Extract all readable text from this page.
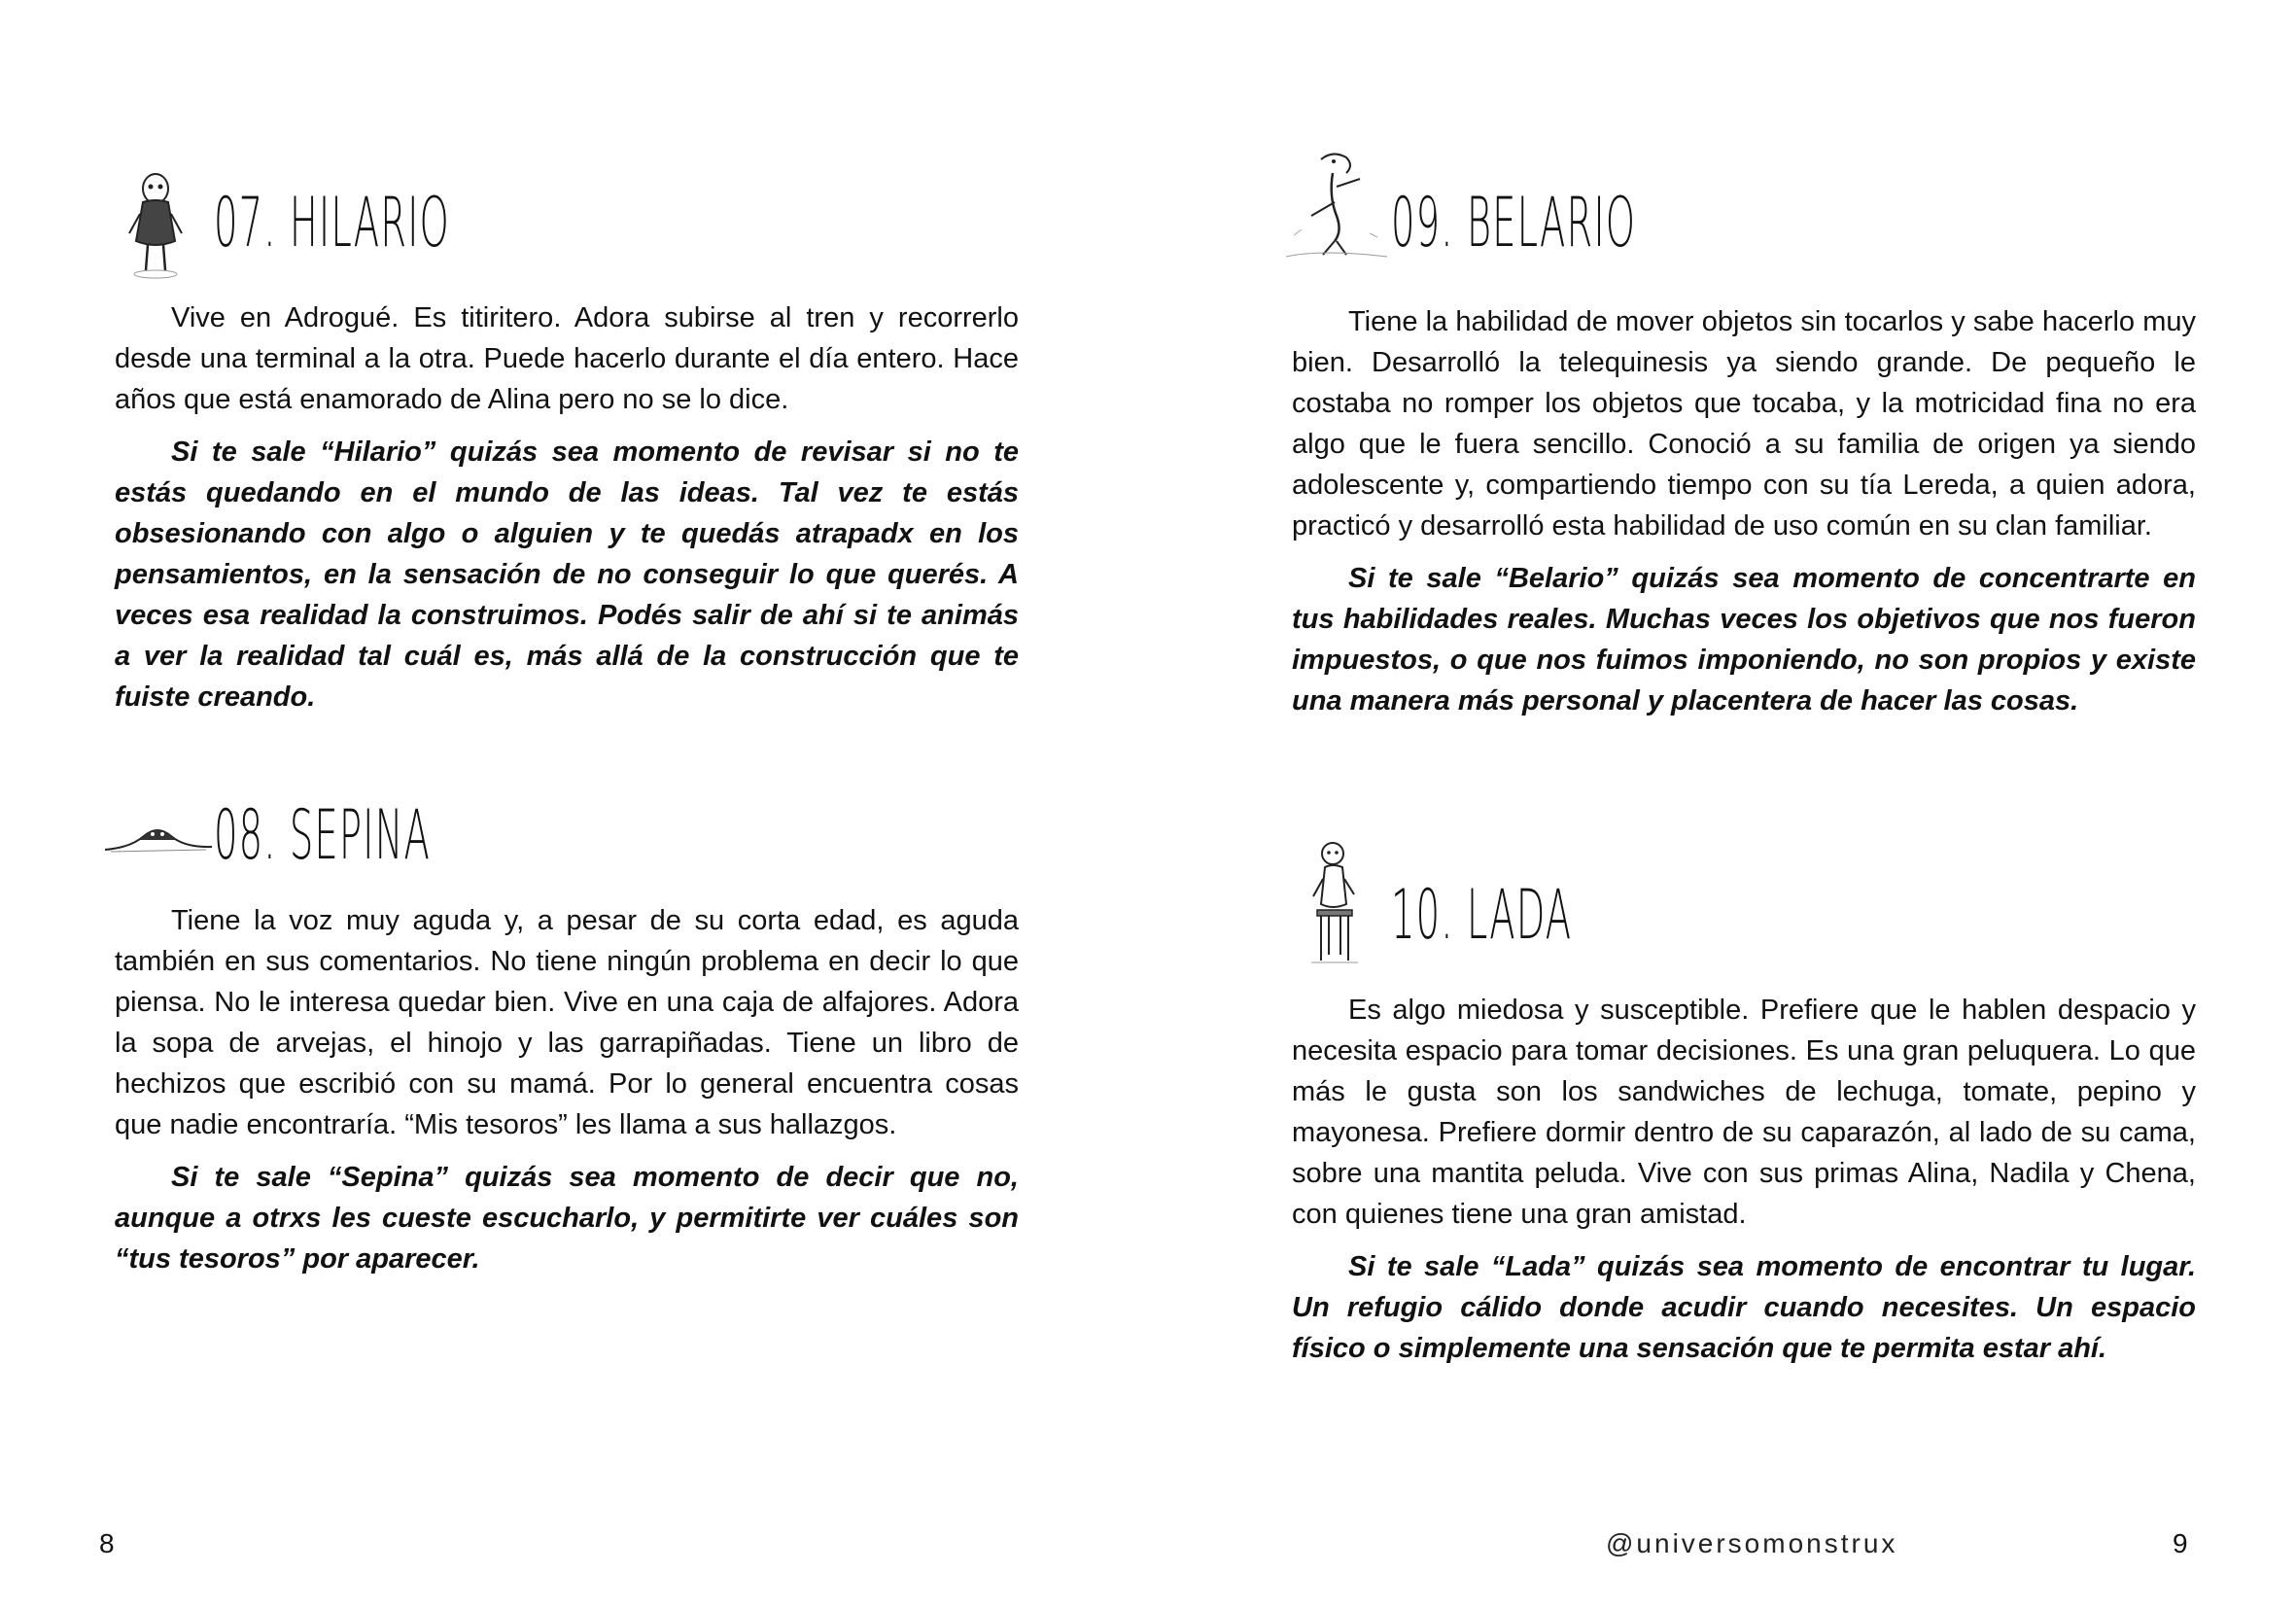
07. HILARIO

Vive en Adrogué. Es titiritero. Adora subirse al tren y recorrerlo desde una terminal a la otra. Puede hacerlo durante el día entero. Hace años que está enamorado de Alina pero no se lo dice.

Si te sale “Hilario” quizás sea momento de revisar si no te estás quedando en el mundo de las ideas. Tal vez te estás obsesionando con algo o alguien y te quedás atrapadx en los pensamientos, en la sensación de no conseguir lo que querés. A veces esa realidad la construimos. Podés salir de ahí si te animás a ver la realidad tal cuál es, más allá de la construcción que te fuiste creando.

08. SEPINA

Tiene la voz muy aguda y, a pesar de su corta edad, es aguda también en sus comentarios. No tiene ningún problema en decir lo que piensa. No le interesa quedar bien. Vive en una caja de alfajores. Adora la sopa de arvejas, el hinojo y las garrapiñadas. Tiene un libro de hechizos que escribió con su mamá. Por lo general encuentra cosas que nadie encontraría. “Mis tesoros” les llama a sus hallazgos.

Si te sale “Sepina” quizás sea momento de decir que no, aunque a otrxs les cueste escucharlo, y permitirte ver cuáles son “tus tesoros” por aparecer.

8
09. BELARIO

Tiene la habilidad de mover objetos sin tocarlos y sabe hacerlo muy bien. Desarrolló la telequinesis ya siendo grande. De pequeño le costaba no romper los objetos que tocaba, y la motricidad fina no era algo que le fuera sencillo. Conoció a su familia de origen ya siendo adolescente y, compartiendo tiempo con su tía Lereda, a quien adora, practicó y desarrolló esta habilidad de uso común en su clan familiar.

Si te sale “Belario” quizás sea momento de concentrarte en tus habilidades reales. Muchas veces los objetivos que nos fueron impuestos, o que nos fuimos imponiendo, no son propios y existe una manera más personal y placentera de hacer las cosas.

10. LADA

Es algo miedosa y susceptible. Prefiere que le hablen despacio y necesita espacio para tomar decisiones. Es una gran peluquera. Lo que más le gusta son los sandwiches de lechuga, tomate, pepino y mayonesa. Prefiere dormir dentro de su caparazón, al lado de su cama, sobre una mantita peluda. Vive con sus primas Alina, Nadila y Chena, con quienes tiene una gran amistad.

Si te sale “Lada” quizás sea momento de encontrar tu lugar. Un refugio cálido donde acudir cuando necesites. Un espacio físico o simplemente una sensación que te permita estar ahí.

9
@universomonstrux
